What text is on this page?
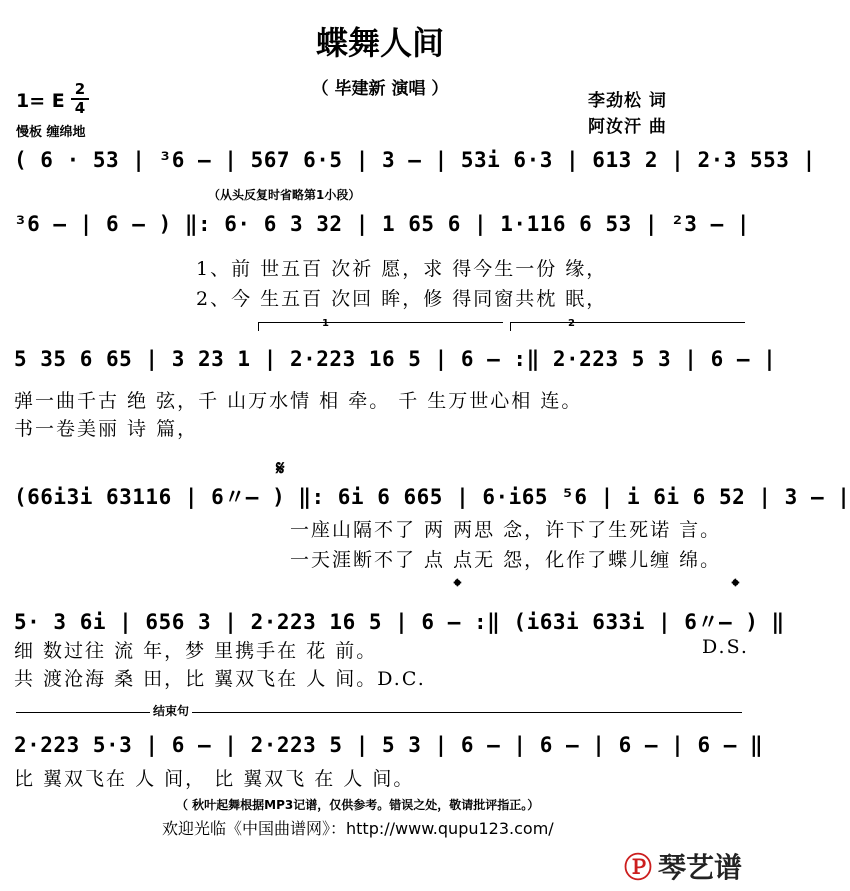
蝶舞人间
（ 毕建新 演唱 ）
1= E
2
4
慢板 缠绵地
李劲松 词
阿汝汗 曲
( 6 · 53 | ³6 – | 567 6·5 | 3 – | 53i 6·3 | 613 2 | 2·3 553 |
（从头反复时省略第1小段）
³6 – | 6 – ) ‖: 6· 6 3 32 | 1 65 6 | 1·116 6 53 | ²3 – |
1、前 世五百 次祈 愿，求 得今生一份 缘，
2、今 生五百 次回 眸，修 得同窗共枕 眠，
1	2
5 35 6 65 | 3 23 1 | 2·223 16 5 | 6 – :‖ 2·223 5 3 | 6 – |
弹一曲千古 绝 弦，千 山万水情 相 牵。 千 生万世心相 连。
书一卷美丽 诗 篇，
𝄋
(66i3i 63116 | 6〃– ) ‖: 6i 6 665 | 6·i65 ⁵6 | i 6i 6 52 | 3 – |
一座山隔不了 两 两思 念，许下了生死诺 言。
一天涯断不了 点 点无 怨，化作了蝶儿缠 绵。
𝄌	𝄌
5· 3 6i | 656 3 | 2·223 16 5 | 6 – :‖ (i63i 633i | 6〃– ) ‖
细 数过往 流 年，梦 里携手在 花 前。	D.S.
共 渡沧海 桑 田，比 翼双飞在 人 间。D.C.
结束句
2·223 5·3 | 6 – | 2·223 5 | 5 3 | 6 – | 6 – | 6 – | 6 – ‖
比 翼双飞在 人 间， 比 翼双飞 在 人 间。
（ 秋叶起舞根据MP3记谱，仅供参考。错误之处，敬请批评指正。）
欢迎光临《中国曲谱网》：http://www.qupu123.com/
Ⓟ 琴艺谱
